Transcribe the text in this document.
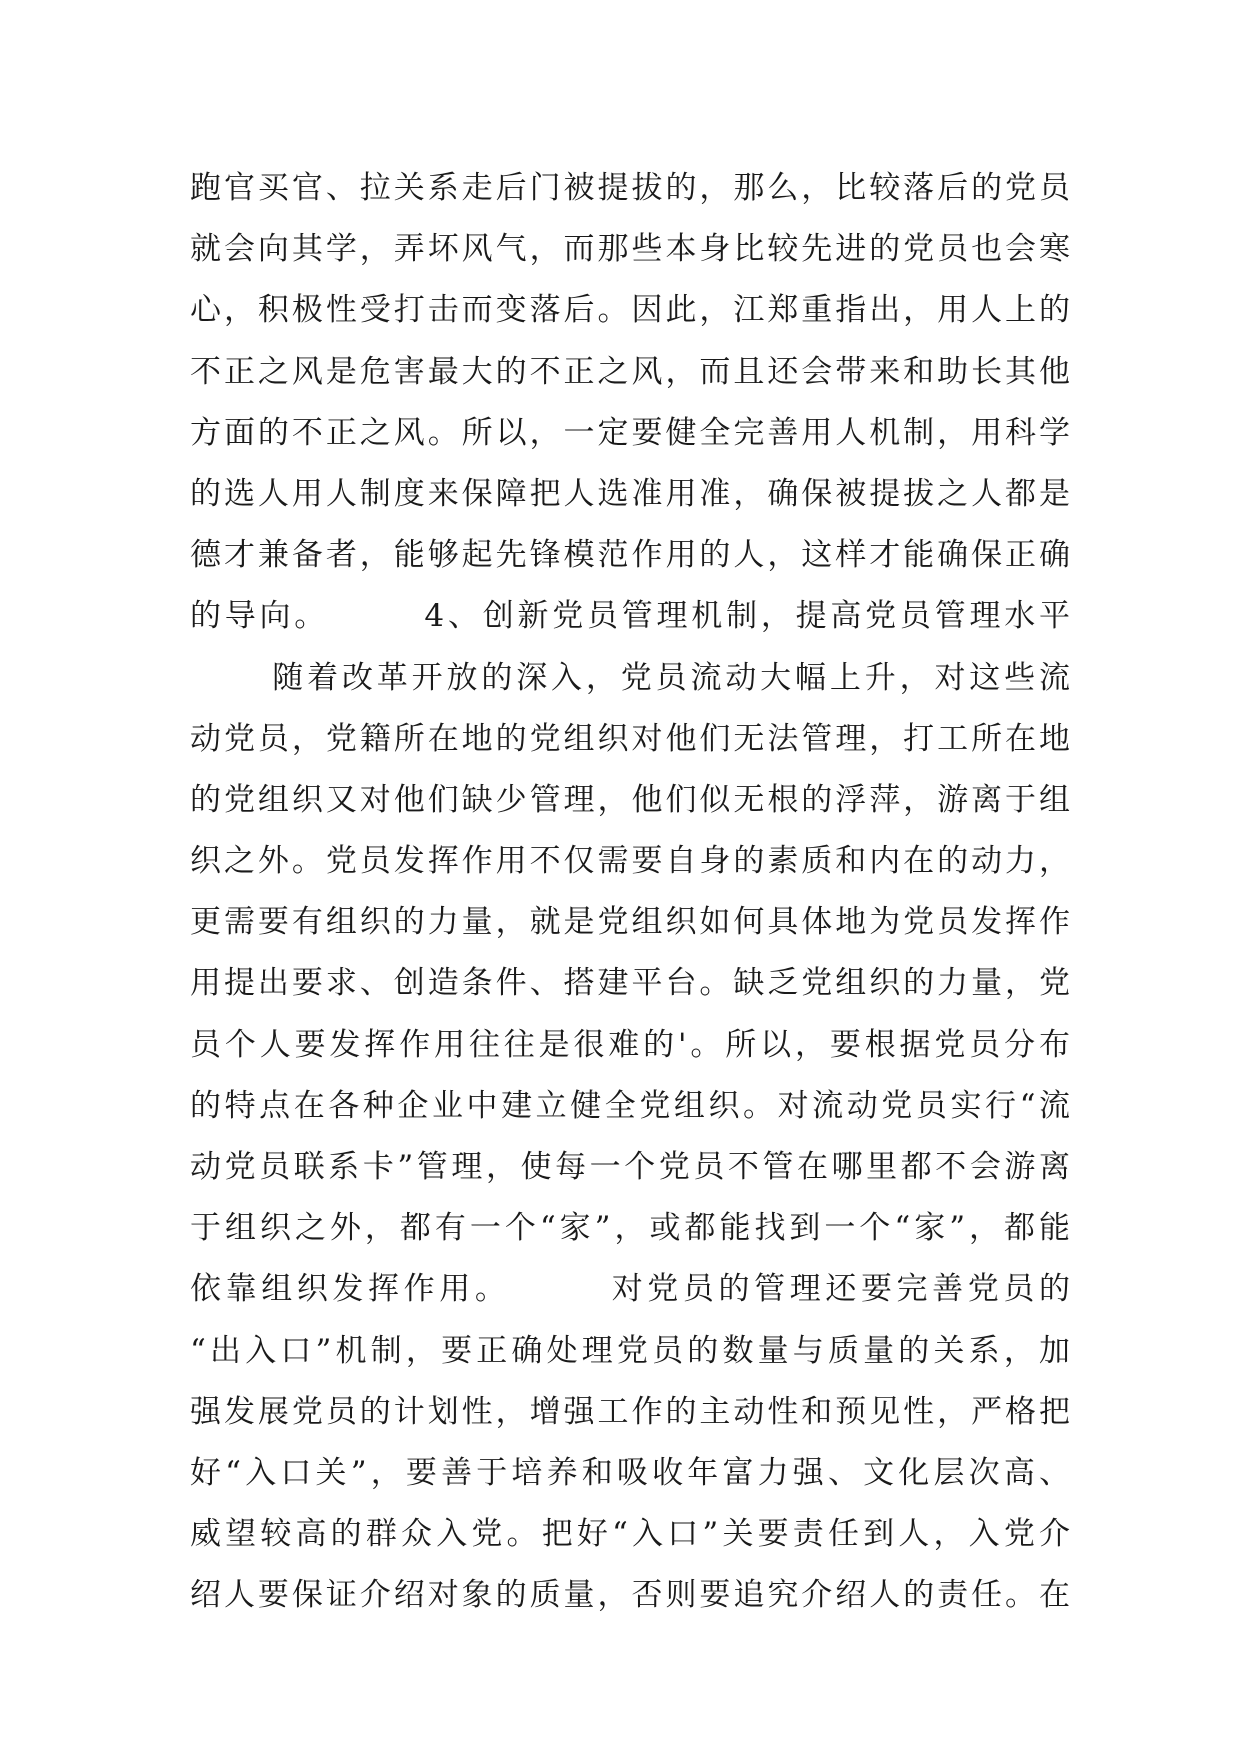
跑官买官、拉关系走后门被提拔的，那么，比较落后的党员
就会向其学，弄坏风气，而那些本身比较先进的党员也会寒
心，积极性受打击而变落后。因此，江郑重指出，用人上的
不正之风是危害最大的不正之风，而且还会带来和助长其他
方面的不正之风。所以，一定要健全完善用人机制，用科学
的选人用人制度来保障把人选准用准，确保被提拔之人都是
德才兼备者，能够起先锋模范作用的人，这样才能确保正确
的导向。       4、创新党员管理机制，提高党员管理水平
随着改革开放的深入，党员流动大幅上升，对这些流
动党员，党籍所在地的党组织对他们无法管理，打工所在地
的党组织又对他们缺少管理，他们似无根的浮萍，游离于组
织之外。党员发挥作用不仅需要自身的素质和内在的动力，
更需要有组织的力量，就是党组织如何具体地为党员发挥作
用提出要求、创造条件、搭建平台。缺乏党组织的力量，党
员个人要发挥作用往往是很难的'。所以，要根据党员分布
的特点在各种企业中建立健全党组织。对流动党员实行“流
动党员联系卡”管理，使每一个党员不管在哪里都不会游离
于组织之外，都有一个“家”，或都能找到一个“家”，都能
依靠组织发挥作用。       对党员的管理还要完善党员的
“出入口”机制，要正确处理党员的数量与质量的关系，加
强发展党员的计划性，增强工作的主动性和预见性，严格把
好“入口关”，要善于培养和吸收年富力强、文化层次高、
威望较高的群众入党。把好“入口”关要责任到人，入党介
绍人要保证介绍对象的质量，否则要追究介绍人的责任。在
